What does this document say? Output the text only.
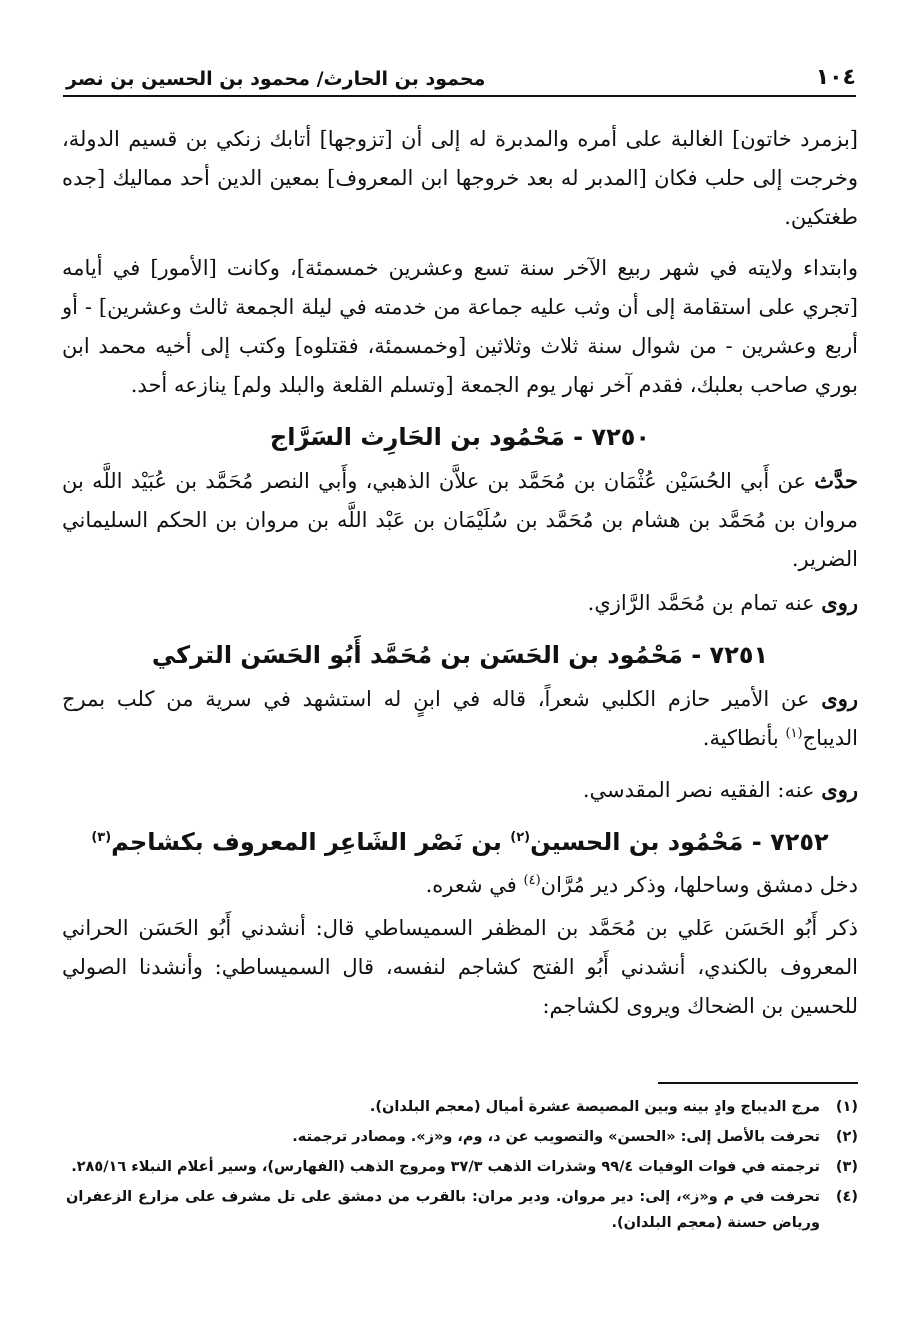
١٠٤
محمود بن الحارث/ محمود بن الحسين بن نصر

[بزمرد خاتون] الغالبة على أمره والمدبرة له إلى أن [تزوجها] أتابك زنكي بن قسيم الدولة، وخرجت إلى حلب فكان [المدبر له بعد خروجها ابن المعروف] بمعين الدين أحد مماليك [جده طغتكين.

وابتداء ولايته في شهر ربيع الآخر سنة تسع وعشرين خمسمئة]، وكانت [الأمور] في أيامه [تجري على استقامة إلى أن وثب عليه جماعة من خدمته في ليلة الجمعة ثالث وعشرين] - أو أربع وعشرين - من شوال سنة ثلاث وثلاثين [وخمسمئة، فقتلوه] وكتب إلى أخيه محمد ابن بوري صاحب بعلبك، فقدم آخر نهار يوم الجمعة [وتسلم القلعة والبلد ولم] ينازعه أحد.

٧٢٥٠ - مَحْمُود بن الحَارِث السَرَّاج

حدَّث عن أَبي الحُسَيْن عُثْمَان بن مُحَمَّد بن علاَّن الذهبي، وأَبي النصر مُحَمَّد بن عُبَيْد اللَّه بن مروان بن مُحَمَّد بن هشام بن مُحَمَّد بن سُلَيْمَان بن عَبْد اللَّه بن مروان بن الحكم السليماني الضرير.

روى عنه تمام بن مُحَمَّد الرَّازي.

٧٢٥١ - مَحْمُود بن الحَسَن بن مُحَمَّد أَبُو الحَسَن التركي

روى عن الأمير حازم الكلبي شعراً، قاله في ابنٍ له استشهد في سرية من كلب بمرج الديباج$^{(١)}$ بأنطاكية.

روى عنه: الفقيه نصر المقدسي.

٧٢٥٢ - مَحْمُود بن الحسين$^{(٢)}$ بن نَصْر الشَاعِر المعروف بكشاجم$^{(٣)}$

دخل دمشق وساحلها، وذكر دير مُرَّان$^{(٤)}$ في شعره.

ذكر أَبُو الحَسَن عَلي بن مُحَمَّد بن المظفر السميساطي قال: أنشدني أَبُو الحَسَن الحراني المعروف بالكندي، أنشدني أَبُو الفتح كشاجم لنفسه، قال السميساطي: وأنشدنا الصولي للحسين بن الضحاك ويروى لكشاجم:

(١)
مرج الديباج وادٍ بينه وبين المصيصة عشرة أميال (معجم البلدان).
(٢)
تحرفت بالأصل إلى: «الحسن» والتصويب عن د، وم، و«ز». ومصادر ترجمته.
(٣)
ترجمته في فوات الوفيات ٩٩/٤ وشذرات الذهب ٣٧/٣ ومروج الذهب (الفهارس)، وسير أعلام النبلاء ٢٨٥/١٦.
(٤)
تحرفت في م و«ز»، إلى: دير مروان. ودير مران: بالقرب من دمشق على تل مشرف على مزارع الزعفران ورياض حسنة (معجم البلدان).
